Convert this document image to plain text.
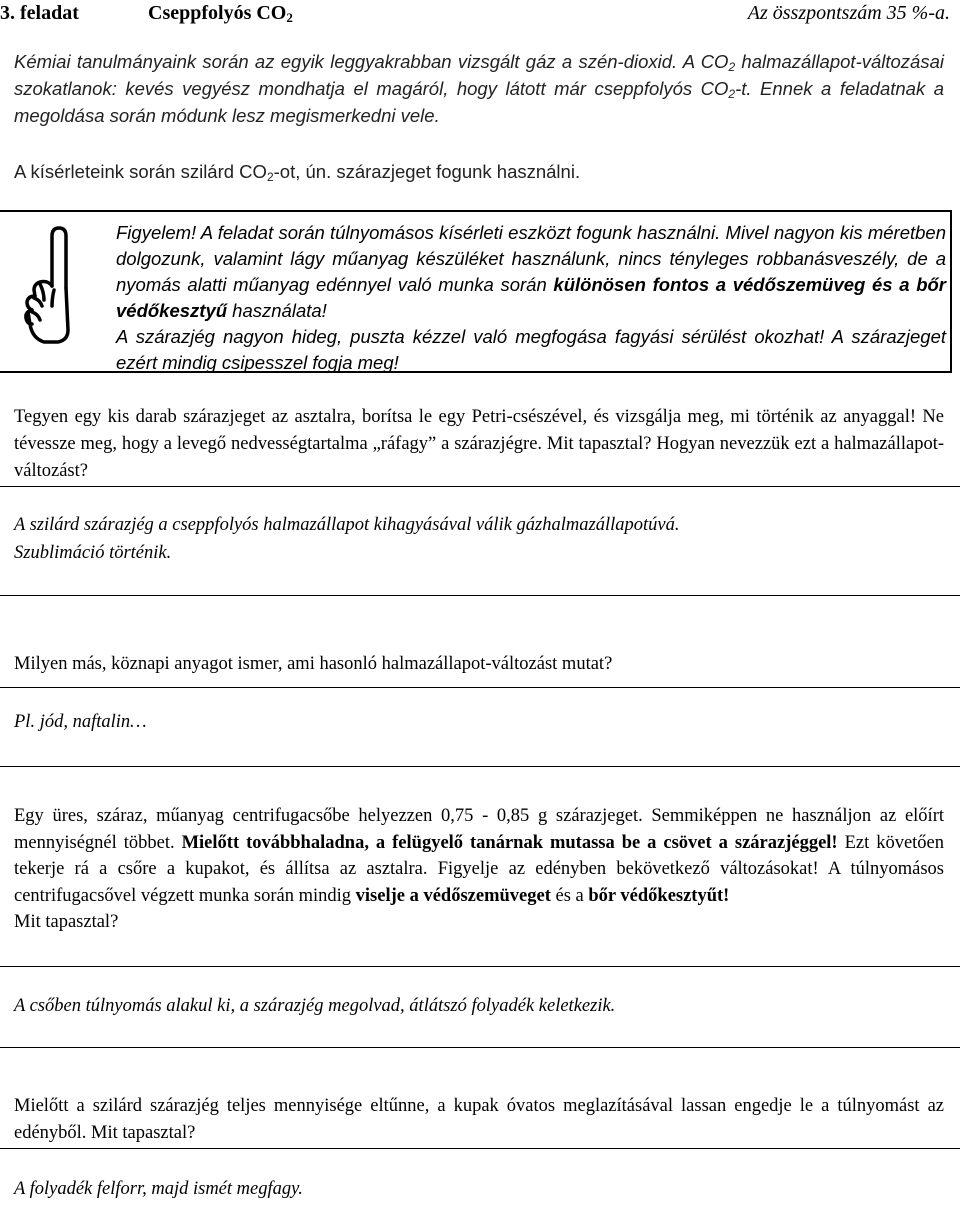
3. feladat	Cseppfolyós $CO_2$	Az összpontszám 35 %-a.
Kémiai tanulmányaink során az egyik leggyakrabban vizsgált gáz a szén-dioxid. A $CO_2$ halmazállapot-változásai szokatlanok: kevés vegyész mondhatja el magáról, hogy látott már cseppfolyós $CO_2-t$. Ennek a feladatnak a megoldása során módunk lesz megismerkedni vele.
A kísérleteink során szilárd $CO_2-ot$, ún. szárazjeget fogunk használni.
Figyelem! A feladat során túlnyomásos kísérleti eszközt fogunk használni. Mivel nagyon kis méretben dolgozunk, valamint lágy műanyag készüléket használunk, nincs tényleges robbanásveszély, de a nyomás alatti műanyag edénnyel való munka során különösen fontos a védőszemüveg és a bőr védőkesztyű használata!
A szárazjég nagyon hideg, puszta kézzel való megfogása fagyási sérülést okozhat! A szárazjeget ezért mindig csipesszel fogja meg!
Tegyen egy kis darab szárazjeget az asztalra, borítsa le egy Petri-csészével, és vizsgálja meg, mi történik az anyaggal! Ne tévessze meg, hogy a levegő nedvességtartalma „ráfagy” a szárazjégre. Mit tapasztal? Hogyan nevezzük ezt a halmazállapot-változást?
A szilárd szárazjég a cseppfolyós halmazállapot kihagyásával válik gázhalmazállapotúvá.
Szublimáció történik.
Milyen más, köznapi anyagot ismer, ami hasonló halmazállapot-változást mutat?
Pl. jód, naftalin…
Egy üres, száraz, műanyag centrifugacsőbe helyezzen 0,75 - 0,85 g szárazjeget. Semmiképpen ne használjon az előírt mennyiségnél többet. Mielőtt továbbhaladna, a felügyelő tanárnak mutassa be a csövet a szárazjéggel! Ezt követően tekerje rá a csőre a kupakot, és állítsa az asztalra. Figyelje az edényben bekövetkező változásokat! A túlnyomásos centrifugacsővel végzett munka során mindig viselje a védőszemüveget és a bőr védőkesztyűt!
Mit tapasztal?
A csőben túlnyomás alakul ki, a szárazjég megolvad, átlátszó folyadék keletkezik.
Mielőtt a szilárd szárazjég teljes mennyisége eltűnne, a kupak óvatos meglazításával lassan engedje le a túlnyomást az edényből. Mit tapasztal?
A folyadék felforr, majd ismét megfagy.
